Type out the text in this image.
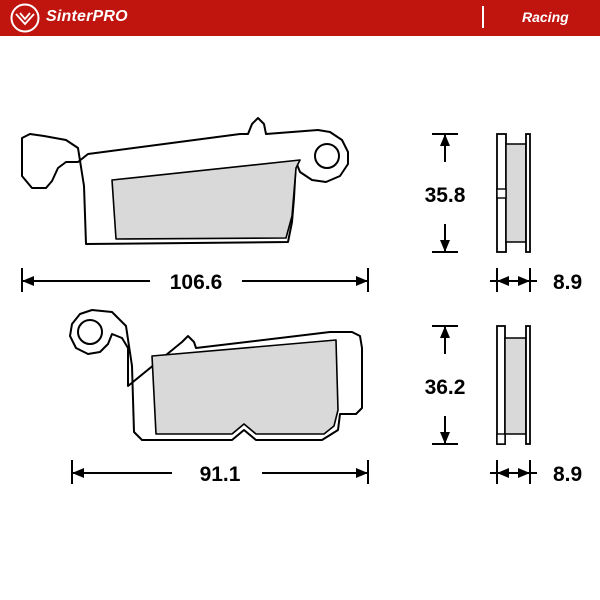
SinterPRO	Racing
106.6
35.8
8.9
91.1
36.2
8.9
